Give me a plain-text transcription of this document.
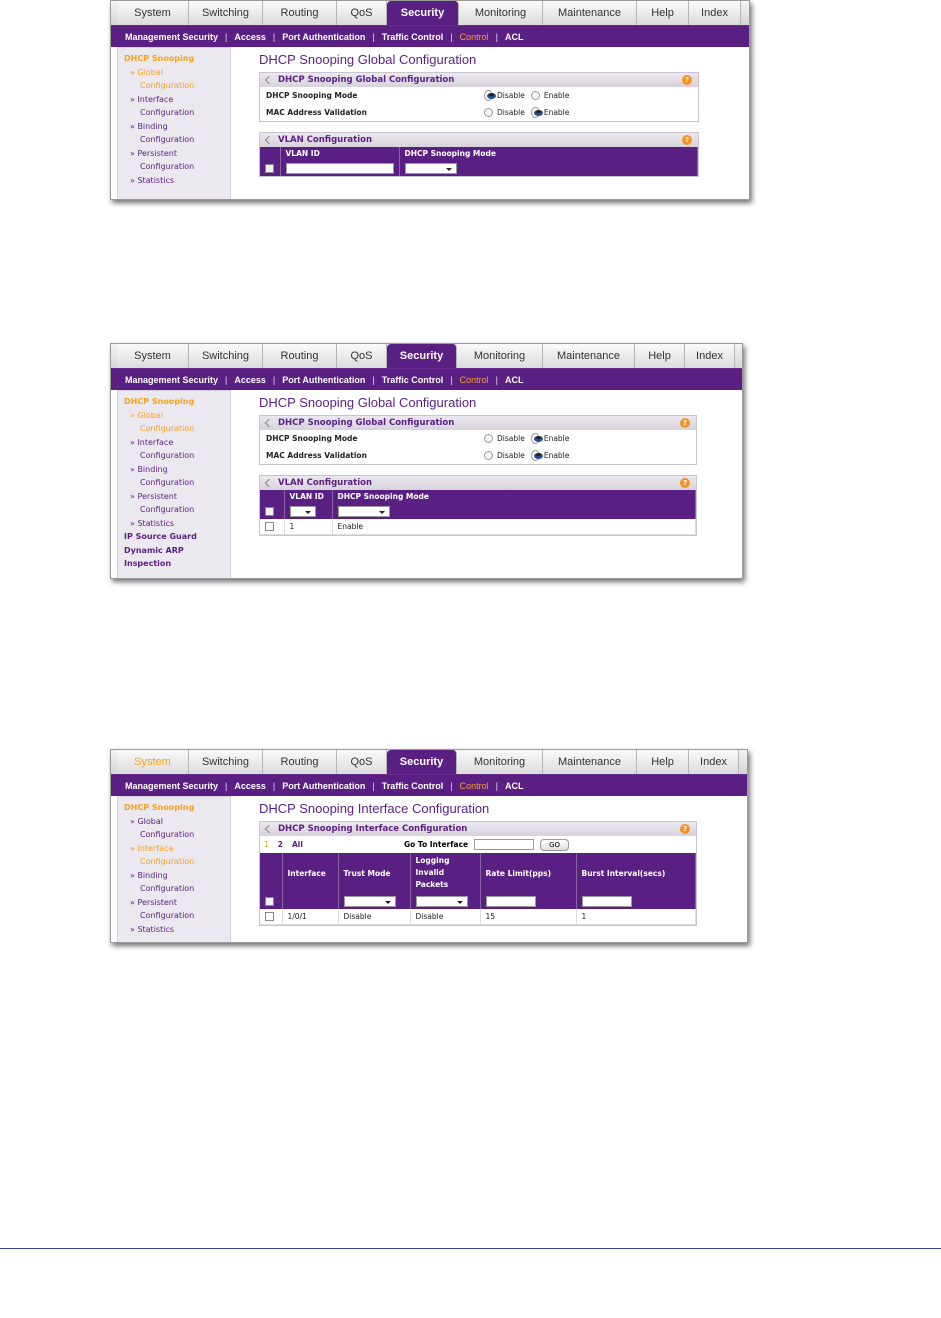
System	Switching	Routing	QoS	Security	Monitoring	Maintenance	Help	Index
Management Security | Access | Port Authentication | Traffic Control | Control | ACL
DHCP Snooping
» Global
Configuration
» Interface
Configuration
» Binding
Configuration
» Persistent
Configuration
» Statistics
DHCP Snooping Global Configuration
DHCP Snooping Global Configuration	?
DHCP Snooping Mode	Disable	Enable
MAC Address Validation	Disable	Enable
VLAN Configuration	?
	VLAN ID	DHCP Snooping Mode

System	Switching	Routing	QoS	Security	Monitoring	Maintenance	Help	Index
Management Security | Access | Port Authentication | Traffic Control | Control | ACL
DHCP Snooping
» Global
Configuration
» Interface
Configuration
» Binding
Configuration
» Persistent
Configuration
» Statistics
IP Source Guard
Dynamic ARP
Inspection
DHCP Snooping Global Configuration
DHCP Snooping Global Configuration	?
DHCP Snooping Mode	Disable	Enable
MAC Address Validation	Disable	Enable
VLAN Configuration	?
	VLAN ID	DHCP Snooping Mode

	1	Enable
System	Switching	Routing	QoS	Security	Monitoring	Maintenance	Help	Index
Management Security | Access | Port Authentication | Traffic Control | Control | ACL
DHCP Snooping
» Global
Configuration
» Interface
Configuration
» Binding
Configuration
» Persistent
Configuration
» Statistics
DHCP Snooping Interface Configuration
DHCP Snooping Interface Configuration	?
1 2 All	Go To Interface	GO
	Interface	Trust Mode	Logging Invalid Packets	Rate Limit(pps)	Burst Interval(secs)

	1/0/1	Disable	Disable	15	1
